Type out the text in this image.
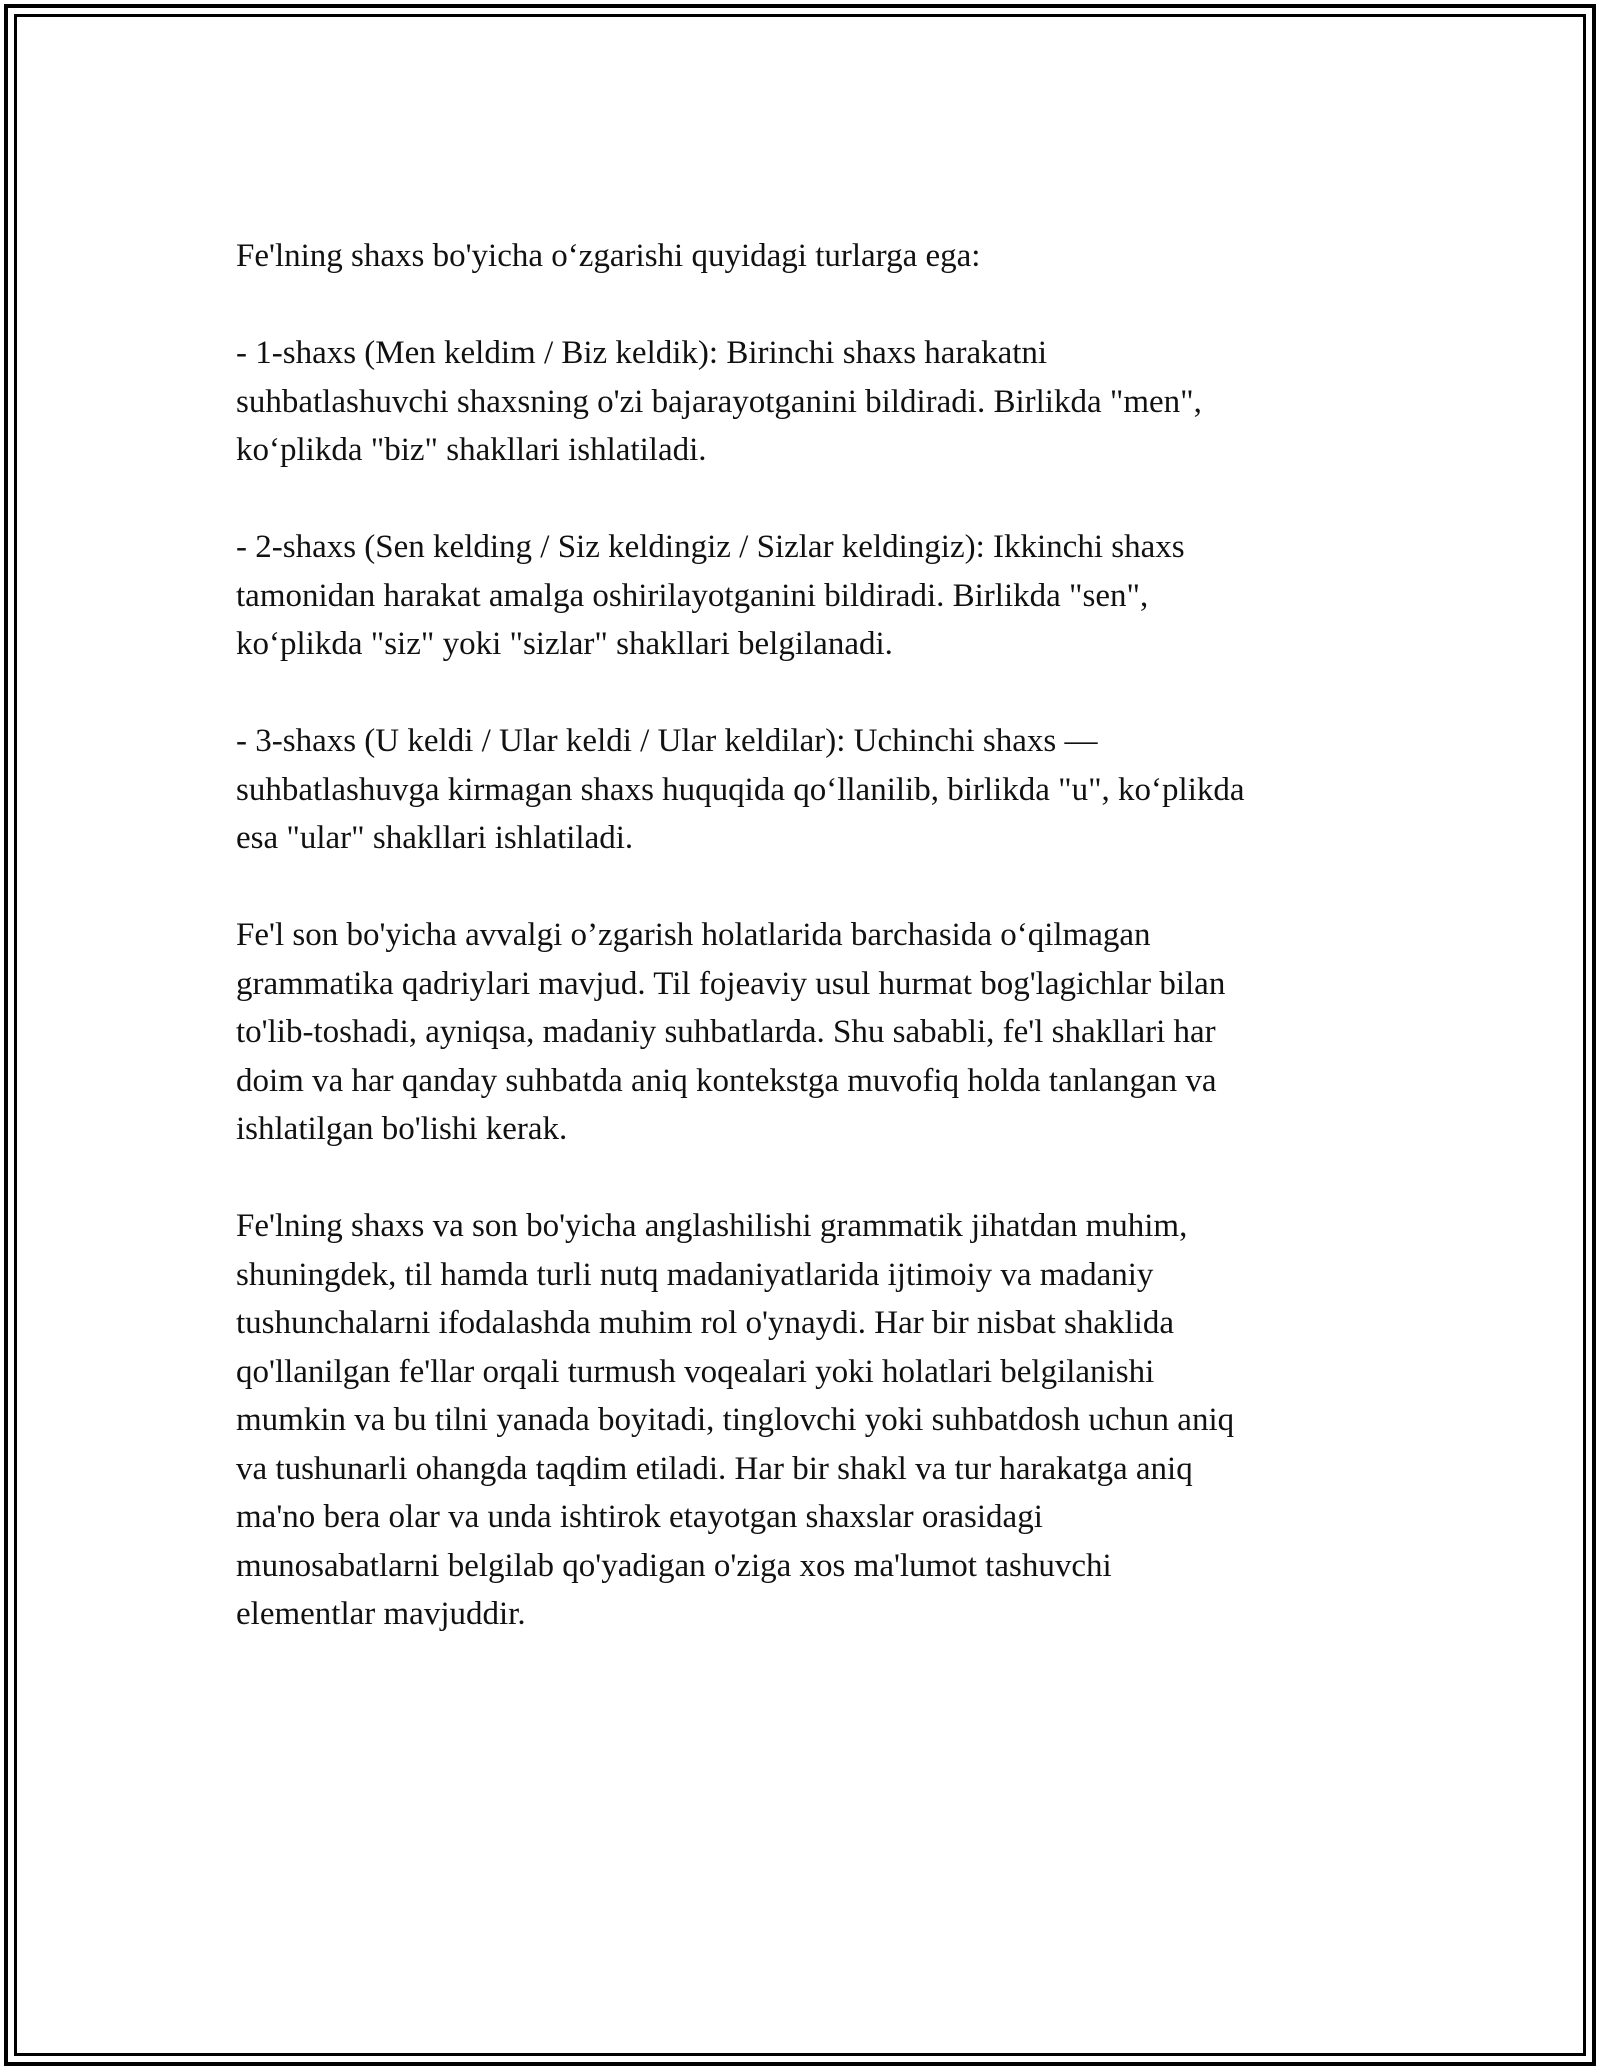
Fe'lning shaxs bo'yicha o‘zgarishi quyidagi turlarga ega:

- 1-shaxs (Men keldim / Biz keldik): Birinchi shaxs harakatni
suhbatlashuvchi shaxsning o'zi bajarayotganini bildiradi. Birlikda "men",
ko‘plikda "biz" shakllari ishlatiladi.

- 2-shaxs (Sen kelding / Siz keldingiz / Sizlar keldingiz): Ikkinchi shaxs
tamonidan harakat amalga oshirilayotganini bildiradi. Birlikda "sen",
ko‘plikda "siz" yoki "sizlar" shakllari belgilanadi.

- 3-shaxs (U keldi / Ular keldi / Ular keldilar): Uchinchi shaxs —
suhbatlashuvga kirmagan shaxs huquqida qo‘llanilib, birlikda "u", ko‘plikda
esa "ular" shakllari ishlatiladi.

Fe'l son bo'yicha avvalgi o’zgarish holatlarida barchasida o‘qilmagan
grammatika qadriylari mavjud. Til fojeaviy usul hurmat bog'lagichlar bilan
to'lib-toshadi, ayniqsa, madaniy suhbatlarda. Shu sababli, fe'l shakllari har
doim va har qanday suhbatda aniq kontekstga muvofiq holda tanlangan va
ishlatilgan bo'lishi kerak.

Fe'lning shaxs va son bo'yicha anglashilishi grammatik jihatdan muhim,
shuningdek, til hamda turli nutq madaniyatlarida ijtimoiy va madaniy
tushunchalarni ifodalashda muhim rol o'ynaydi. Har bir nisbat shaklida
qo'llanilgan fe'llar orqali turmush voqealari yoki holatlari belgilanishi
mumkin va bu tilni yanada boyitadi, tinglovchi yoki suhbatdosh uchun aniq
va tushunarli ohangda taqdim etiladi. Har bir shakl va tur harakatga aniq
ma'no bera olar va unda ishtirok etayotgan shaxslar orasidagi
munosabatlarni belgilab qo'yadigan o'ziga xos ma'lumot tashuvchi
elementlar mavjuddir.
